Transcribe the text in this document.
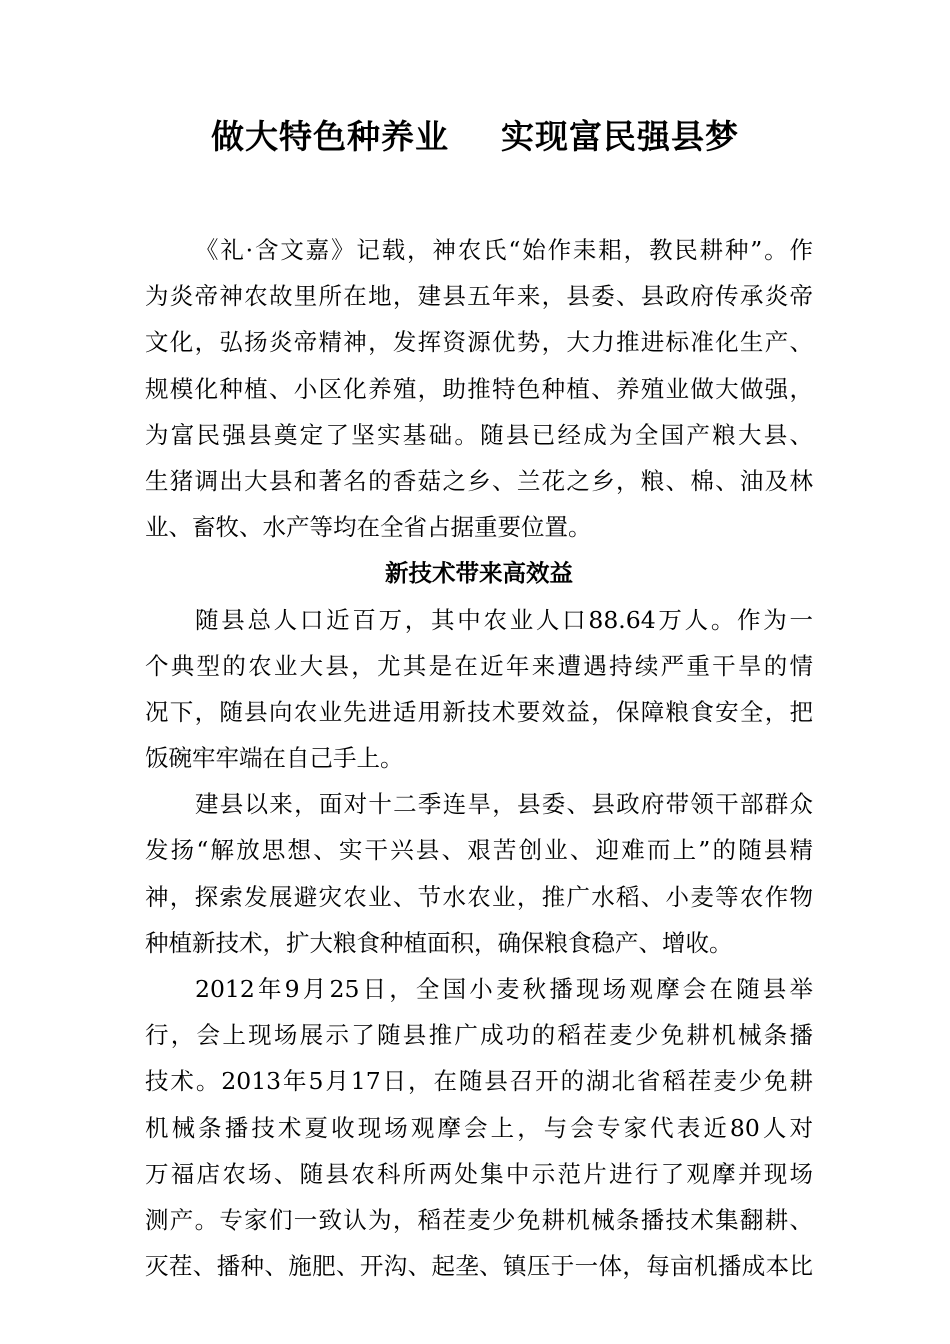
做大特色种养业 实现富民强县梦
《礼·含文嘉》记载，神农氏“始作耒耜，教民耕种”。作
为炎帝神农故里所在地，建县五年来，县委、县政府传承炎帝
文化，弘扬炎帝精神，发挥资源优势，大力推进标准化生产、
规模化种植、小区化养殖，助推特色种植、养殖业做大做强，
为富民强县奠定了坚实基础。随县已经成为全国产粮大县、
生猪调出大县和著名的香菇之乡、兰花之乡，粮、棉、油及林
业、畜牧、水产等均在全省占据重要位置。
新技术带来高效益
随县总人口近百万，其中农业人口88.64万人。作为一
个典型的农业大县，尤其是在近年来遭遇持续严重干旱的情
况下，随县向农业先进适用新技术要效益，保障粮食安全，把
饭碗牢牢端在自己手上。
建县以来，面对十二季连旱，县委、县政府带领干部群众
发扬“解放思想、实干兴县、艰苦创业、迎难而上”的随县精
神，探索发展避灾农业、节水农业，推广水稻、小麦等农作物
种植新技术，扩大粮食种植面积，确保粮食稳产、增收。
2012年9月25日，全国小麦秋播现场观摩会在随县举
行，会上现场展示了随县推广成功的稻茬麦少免耕机械条播
技术。2013年5月17日，在随县召开的湖北省稻茬麦少免耕
机械条播技术夏收现场观摩会上，与会专家代表近80人对
万福店农场、随县农科所两处集中示范片进行了观摩并现场
测产。专家们一致认为，稻茬麦少免耕机械条播技术集翻耕、
灭茬、播种、施肥、开沟、起垄、镇压于一体，每亩机播成本比
